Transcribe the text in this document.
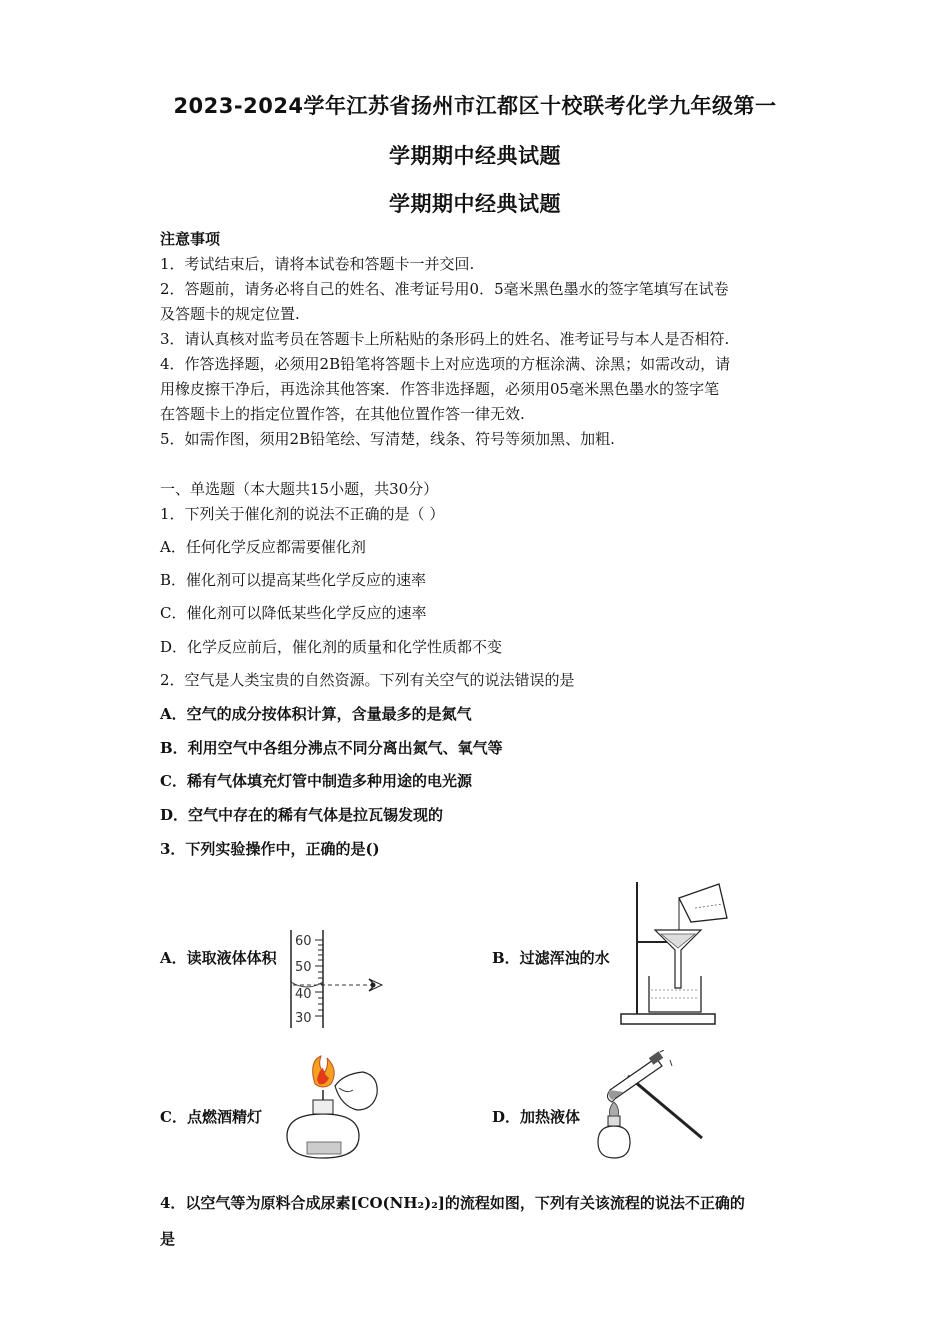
2023-2024学年江苏省扬州市江都区十校联考化学九年级第一
学期期中经典试题
学期期中经典试题
注意事项
1．考试结束后，请将本试卷和答题卡一并交回.
2．答题前，请务必将自己的姓名、准考证号用0．5毫米黑色墨水的签字笔填写在试卷
及答题卡的规定位置.
3．请认真核对监考员在答题卡上所粘贴的条形码上的姓名、准考证号与本人是否相符.
4．作答选择题，必须用2B铅笔将答题卡上对应选项的方框涂满、涂黑；如需改动，请
用橡皮擦干净后，再选涂其他答案．作答非选择题，必须用05毫米黑色墨水的签字笔
在答题卡上的指定位置作答，在其他位置作答一律无效.
5．如需作图，须用2B铅笔绘、写清楚，线条、符号等须加黑、加粗.
一、单选题（本大题共15小题，共30分）
1．下列关于催化剂的说法不正确的是（ ）
A．任何化学反应都需要催化剂
B．催化剂可以提高某些化学反应的速率
C．催化剂可以降低某些化学反应的速率
D．化学反应前后，催化剂的质量和化学性质都不变
2．空气是人类宝贵的自然资源。下列有关空气的说法错误的是
A．空气的成分按体积计算，含量最多的是氮气
B．利用空气中各组分沸点不同分离出氮气、氧气等
C．稀有气体填充灯管中制造多种用途的电光源
D．空气中存在的稀有气体是拉瓦锡发现的
3．下列实验操作中，正确的是()
A．读取液体体积	B．过滤浑浊的水
C．点燃酒精灯	D．加热液体
60
50
40
30
4．以空气等为原料合成尿素[CO(NH₂)₂]的流程如图，下列有关该流程的说法不正确的
是
